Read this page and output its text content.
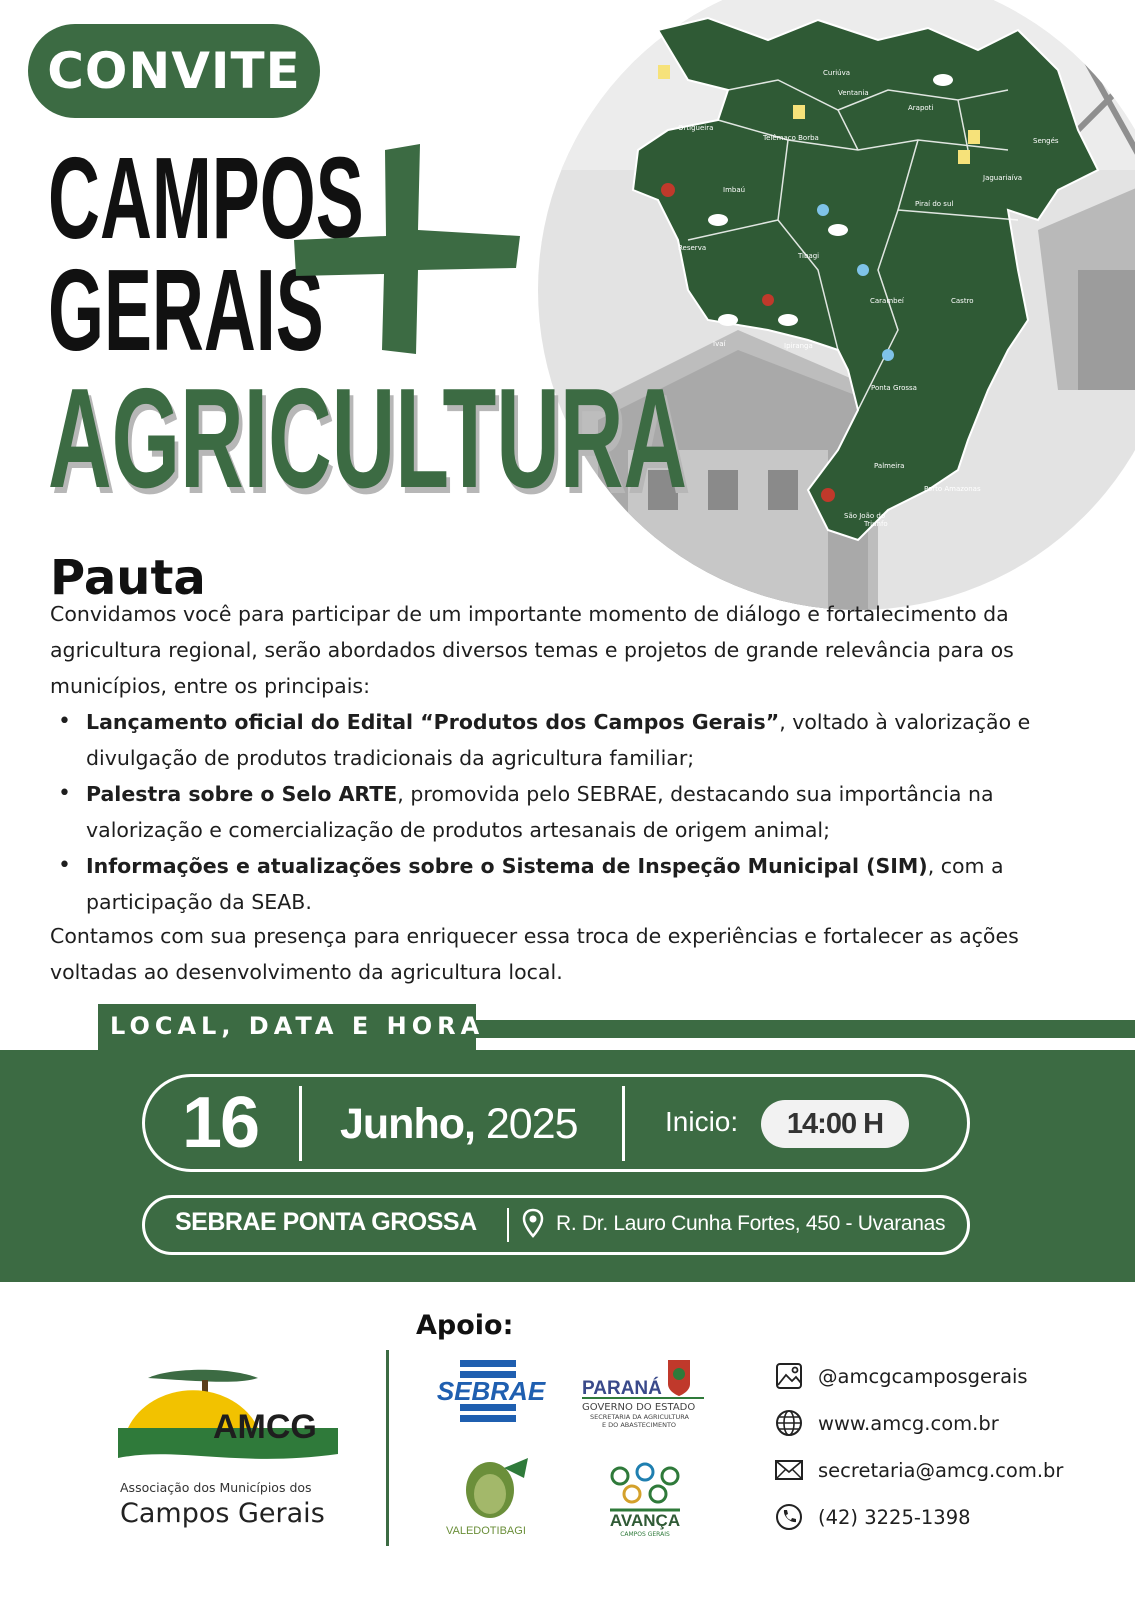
Curiúva
Ventania
Arapoti
Ortigueira
Telêmaco Borba	Sengés
Jaguariaíva
Imbaú
Piraí do sul
Reserva
Tibagi
Carambeí	Castro
Ivaí	Ipiranga
Ponta Grossa
Palmeira
Porto Amazonas
São João do
Triunfo
CONVITE
CAMPOS
GERAIS
AGRICULTURA
Pauta
Convidamos você para participar de um importante momento de diálogo e fortalecimento da agricultura regional, serão abordados diversos temas e projetos de grande relevância para os municípios, entre os principais:
• Lançamento oficial do Edital “Produtos dos Campos Gerais”, voltado à valorização e divulgação de produtos tradicionais da agricultura familiar;
• Palestra sobre o Selo ARTE, promovida pelo SEBRAE, destacando sua importância na valorização e comercialização de produtos artesanais de origem animal;
• Informações e atualizações sobre o Sistema de Inspeção Municipal (SIM), com a participação da SEAB.
Contamos com sua presença para enriquecer essa troca de experiências e fortalecer as ações voltadas ao desenvolvimento da agricultura local.
LOCAL, DATA E HORA
16 Junho, 2025	Inicio: 14:00 H
SEBRAE PONTA GROSSA	R. Dr. Lauro Cunha Fortes, 450 - Uvaranas
Apoio:
AMCG
Associação dos Municípios dos
Campos Gerais
SEBRAE PARANÁ
GOVERNO DO ESTADO
SECRETARIA DA AGRICULTURA
E DO ABASTECIMENTO
VALEDOTIBAGI
AVANÇA
CAMPOS GERAIS
@amcgcamposgerais
www.amcg.com.br
secretaria@amcg.com.br
(42) 3225-1398
